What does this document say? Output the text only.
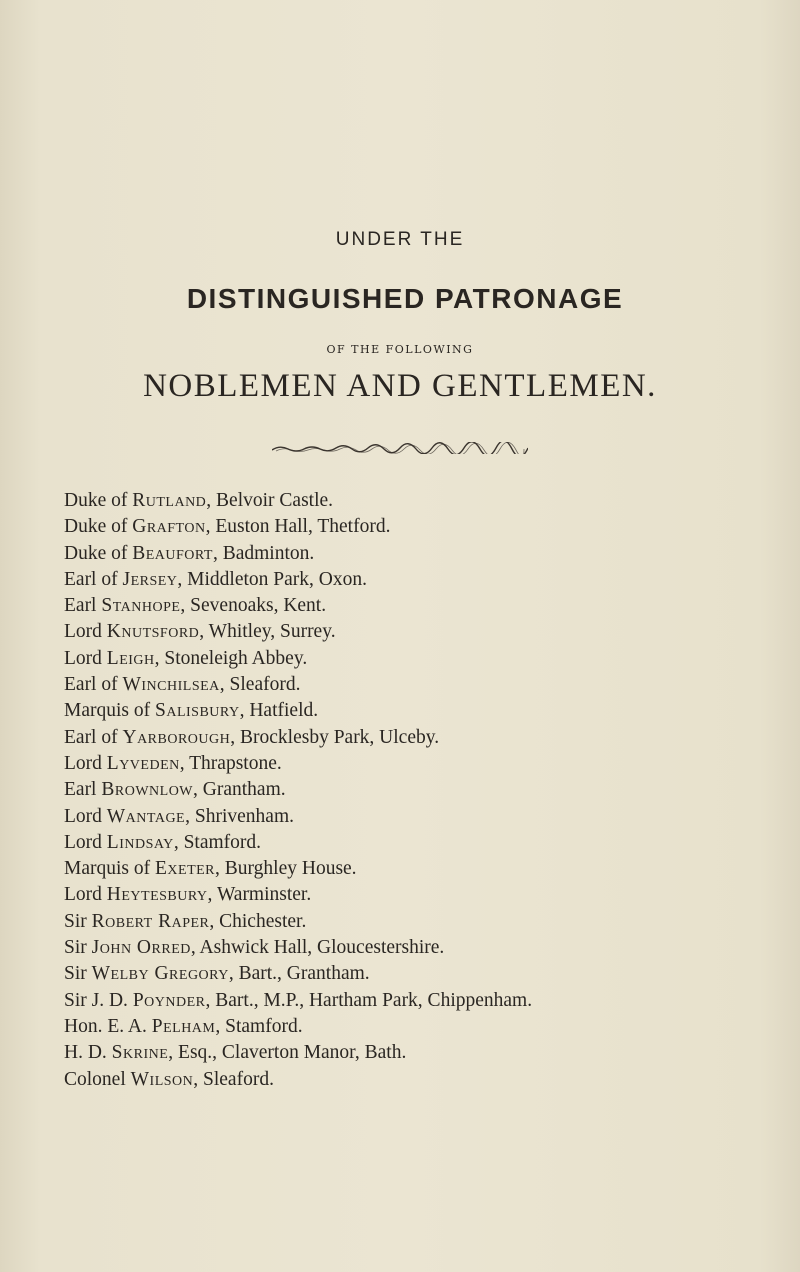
UNDER THE
DISTINGUISHED PATRONAGE
OF THE FOLLOWING
NOBLEMEN AND GENTLEMEN.
Duke of Rutland, Belvoir Castle.
Duke of Grafton, Euston Hall, Thetford.
Duke of Beaufort, Badminton.
Earl of Jersey, Middleton Park, Oxon.
Earl Stanhope, Sevenoaks, Kent.
Lord Knutsford, Whitley, Surrey.
Lord Leigh, Stoneleigh Abbey.
Earl of Winchilsea, Sleaford.
Marquis of Salisbury, Hatfield.
Earl of Yarborough, Brocklesby Park, Ulceby.
Lord Lyveden, Thrapstone.
Earl Brownlow, Grantham.
Lord Wantage, Shrivenham.
Lord Lindsay, Stamford.
Marquis of Exeter, Burghley House.
Lord Heytesbury, Warminster.
Sir Robert Raper, Chichester.
Sir John Orred, Ashwick Hall, Gloucestershire.
Sir Welby Gregory, Bart., Grantham.
Sir J. D. Poynder, Bart., M.P., Hartham Park, Chippenham.
Hon. E. A. Pelham, Stamford.
H. D. Skrine, Esq., Claverton Manor, Bath.
Colonel Wilson, Sleaford.
